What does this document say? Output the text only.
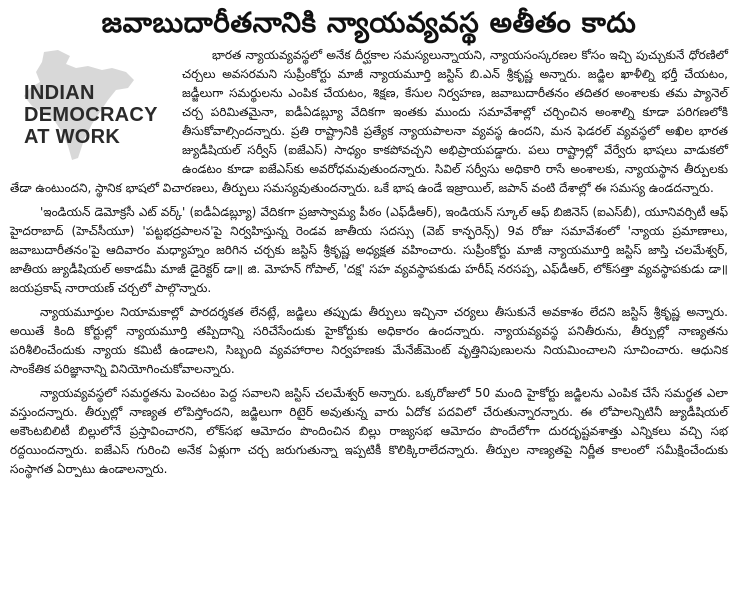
జవాబుదారీతనానికి న్యాయవ్యవస్థ అతీతం కాదు
INDIAN
DEMOCRACY
AT WORK

భారత న్యాయవ్యవస్థలో అనేక దీర్ఘకాల సమస్యలున్నాయని, న్యాయసంస్కరణల కోసం ఇచ్చి పుచ్చుకునే ధోరణిలో చర్చలు అవసరమని సుప్రీంకోర్టు మాజీ న్యాయమూర్తి జస్టిస్ బి.ఎన్ శ్రీకృష్ణ అన్నారు. జడ్జిల ఖాళీల్ని భర్తీ చేయటం, జడ్జీలుగా సమర్థులను ఎంపిక చేయటం, శిక్షణ, కేసుల నిర్వహణ, జవాబుదారీతనం తదితర అంశాలకు తమ ప్యానెల్ చర్చ పరిమితమైనా, ఐడీఏడబ్ల్యూ వేదికగా ఇంతకు ముందు సమావేశాల్లో చర్చించిన అంశాల్ని కూడా పరిగణలోకి తీసుకోవాల్సిందన్నారు. ప్రతి రాష్ట్రానికి ప్రత్యేక న్యాయపాలనా వ్యవస్థ ఉందని, మన ఫెడరల్ వ్యవస్థలో అఖిల భారత జ్యుడీషియల్ సర్వీస్ (ఐజేఎస్) సాధ్యం కాకపోవచ్చని అభిప్రాయపడ్డారు. పలు రాష్ట్రాల్లో వేర్వేరు భాషలు వాడుకలో ఉండటం కూడా ఐజేఎస్‌కు అవరోధమవుతుందన్నారు. సివిల్ సర్వీసు అధికారి రాసే అంశాలకు, న్యాయస్థాన తీర్పులకు తేడా ఉంటుందని, స్థానిక భాషలో విచారణలు, తీర్పులు సమస్యవుతుందన్నారు. ఒకే భాష ఉండే ఇజ్రాయిల్, జపాన్ వంటి దేశాల్లో ఈ సమస్య ఉండదన్నారు.

'ఇండియన్ డెమోక్రసీ ఎట్ వర్క్' (ఐడీఏడబ్ల్యూ) వేదికగా ప్రజాస్వామ్య పీఠం (ఎఫ్‌డీఆర్), ఇండియన్ స్కూల్ ఆఫ్ బిజినెస్ (ఐఎస్‌బీ), యూనివర్సిటీ ఆఫ్ హైదరాబాద్ (హెచ్‌సీయూ) 'పట్టభద్రపాలన'పై నిర్వహిస్తున్న రెండవ జాతీయ సదస్సు (వెబ్ కాన్ఫరెన్స్) 9వ రోజు సమావేశంలో 'న్యాయ ప్రమాణాలు, జవాబుదారీతనం'పై ఆదివారం మధ్యాహ్నం జరిగిన చర్చకు జస్టిస్ శ్రీకృష్ణ అధ్యక్షత వహించారు. సుప్రీంకోర్టు మాజీ న్యాయమూర్తి జస్టిస్ జాస్తి చలమేశ్వర్, జాతీయ జ్యుడీషియల్ అకాడమీ మాజీ డైరెక్టర్ డా॥ జి. మోహన్ గోపాల్, 'దక్ష' సహ వ్యవస్థాపకుడు హరీష్ నరసప్ప, ఎఫ్‌డీఆర్, లోక్‌సత్తా వ్యవస్థాపకుడు డా॥ జయప్రకాష్ నారాయణ్ చర్చలో పాల్గొన్నారు.

న్యాయమూర్తుల నియామకాల్లో పారదర్శకత లేనట్లే, జడ్జిలు తప్పుడు తీర్పులు ఇచ్చినా చర్యలు తీసుకునే అవకాశం లేదని జస్టిస్ శ్రీకృష్ణ అన్నారు. అయితే కింది కోర్టుల్లో న్యాయమూర్తి తప్పిదాన్ని సరిచేసేందుకు హైకోర్టుకు అధికారం ఉందన్నారు. న్యాయవ్యవస్థ పనితీరును, తీర్పుల్లో నాణ్యతను పరిశీలించేందుకు న్యాయ కమిటీ ఉండాలని, సిబ్బంది వ్యవహారాల నిర్వహణకు మేనేజ్‌మెంట్ వృత్తినిపుణులను నియమించాలని సూచించారు. ఆధునిక సాంకేతిక పరిజ్ఞానాన్ని వినియోగించుకోవాలన్నారు.

న్యాయవ్యవస్థలో సమర్థతను పెంచటం పెద్ద సవాలని జస్టిస్ చలమేశ్వర్ అన్నారు. ఒక్కరోజులో 50 మంది హైకోర్టు జడ్జిలను ఎంపిక చేసే సమర్థత ఎలా వస్తుందన్నారు. తీర్పుల్లో నాణ్యత లోపిస్తోందని, జడ్జిలుగా రిటైర్‌ అవుతున్న వారు ఏదోక పదవిలో చేరుతున్నారన్నారు. ఈ లోపాలన్నిటినీ జ్యుడీషియల్ అకౌంటబిలిటీ బిల్లులోనే ప్రస్తావించారని, లోక్‌సభ ఆమోదం పొందించిన బిల్లు రాజ్యసభ ఆమోదం పొందేలోగా దురదృష్టవశాత్తు ఎన్నికలు వచ్చి సభ రద్దయిందన్నారు. ఐజేఎస్ గురించి అనేక ఏళ్లుగా చర్చ జరుగుతున్నా ఇప్పటికీ కొలిక్కిరాలేదన్నారు. తీర్పుల నాణ్యతపై నిర్ణీత కాలంలో సమీక్షించేందుకు సంస్థాగత ఏర్పాటు ఉండాలన్నారు.
